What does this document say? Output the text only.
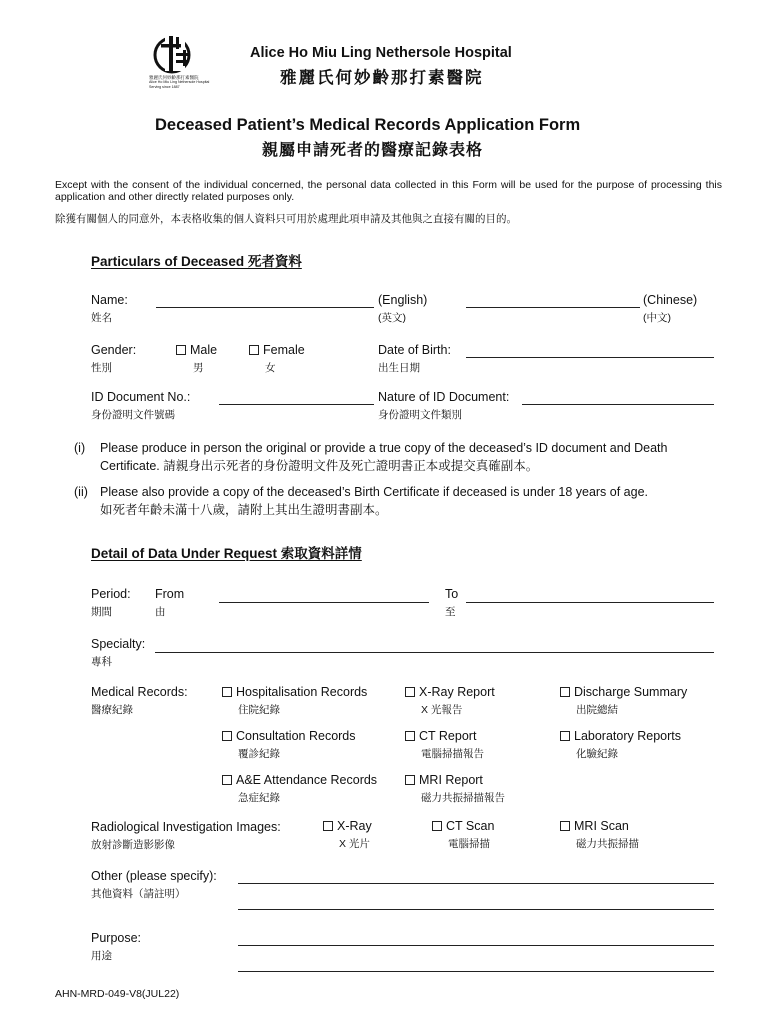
雅麗氏何妙齡那打素醫院
Alice Ho Miu Ling Nethersole Hospital
Serving since 1887
Alice Ho Miu Ling Nethersole Hospital
雅麗氏何妙齡那打素醫院
Deceased Patient’s Medical Records Application Form
親屬申請死者的醫療記錄表格
Except with the consent of the individual concerned, the personal data collected in this Form will be used for the purpose of processing this application and other directly related purposes only.
除獲有關個人的同意外，本表格收集的個人資料只可用於處理此項申請及其他與之直接有關的目的。
Particulars of Deceased 死者資料
Name:
姓名
(English)
(英文)
(Chinese)
(中文)
Gender:
性別
Male
男
Female
女
Date of Birth:
出生日期
ID Document No.:
身份證明文件號碼
Nature of ID Document:
身份證明文件類別
(i) Please produce in person the original or provide a true copy of the deceased’s ID document and Death
Certificate. 請親身出示死者的身份證明文件及死亡證明書正本或提交真確副本。
(ii) Please also provide a copy of the deceased’s Birth Certificate if deceased is under 18 years of age.
如死者年齡未滿十八歲，請附上其出生證明書副本。
Detail of Data Under Request 索取資料詳情
Period:
期間
From
由
To
至
Specialty:
專科
Medical Records:
醫療紀錄
Hospitalisation Records
住院紀錄
X-Ray Report
X 光報告
Discharge Summary
出院總結
Consultation Records
覆診紀錄
CT Report
電腦掃描報告
Laboratory Reports
化驗紀錄
A&E Attendance Records
急症紀錄
MRI Report
磁力共振掃描報告
Radiological Investigation Images:
放射診斷造影影像
X-Ray
X 光片
CT Scan
電腦掃描
MRI Scan
磁力共振掃描
Other (please specify):
其他資料（請註明）
Purpose:
用途
AHN-MRD-049-V8(JUL22)
